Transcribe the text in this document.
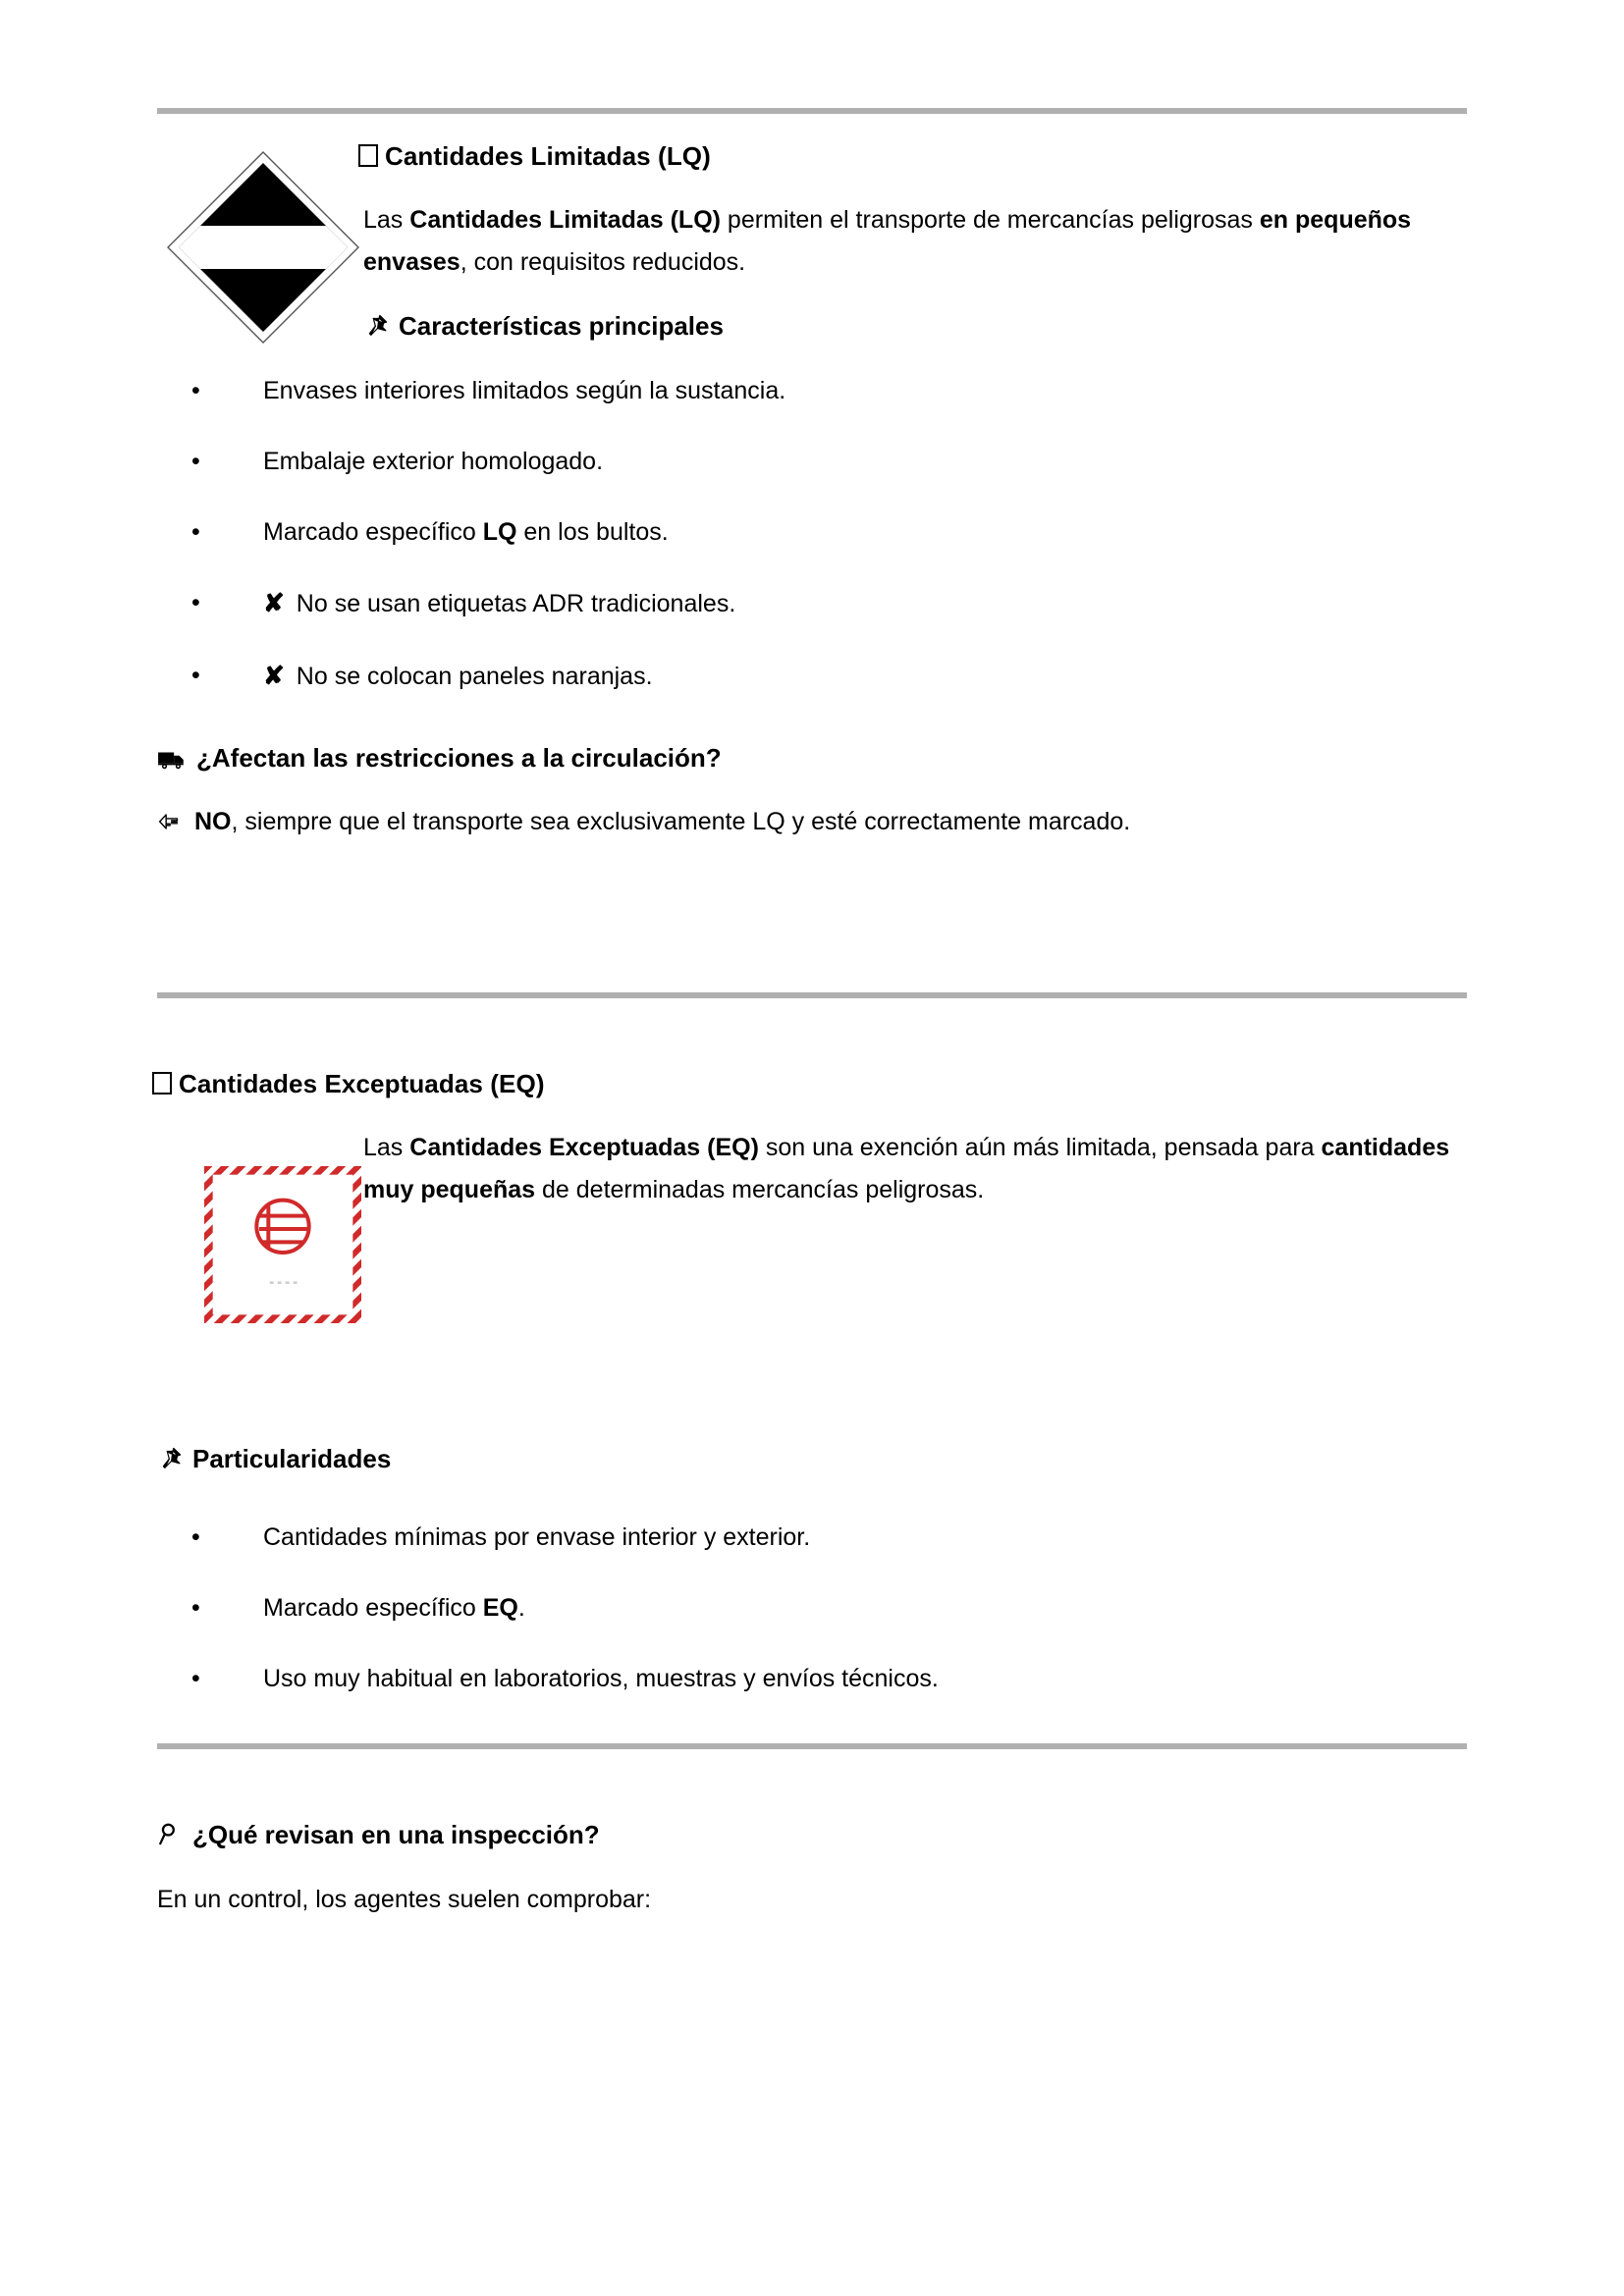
Cantidades Limitadas (LQ)

Las Cantidades Limitadas (LQ) permiten el transporte de mercancías peligrosas en pequeños envases, con requisitos reducidos.

Características principales

•	Envases interiores limitados según la sustancia.
•	Embalaje exterior homologado.
•	Marcado específico LQ en los bultos.
• ✘ No se usan etiquetas ADR tradicionales.
• ✘ No se colocan paneles naranjas.

¿Afectan las restricciones a la circulación?

NO, siempre que el transporte sea exclusivamente LQ y esté correctamente marcado.

Cantidades Exceptuadas (EQ)

Las Cantidades Exceptuadas (EQ) son una exención aún más limitada, pensada para cantidades muy pequeñas de determinadas mercancías peligrosas.

Particularidades

•	Cantidades mínimas por envase interior y exterior.
•	Marcado específico EQ.
•	Uso muy habitual en laboratorios, muestras y envíos técnicos.

¿Qué revisan en una inspección?

En un control, los agentes suelen comprobar:
